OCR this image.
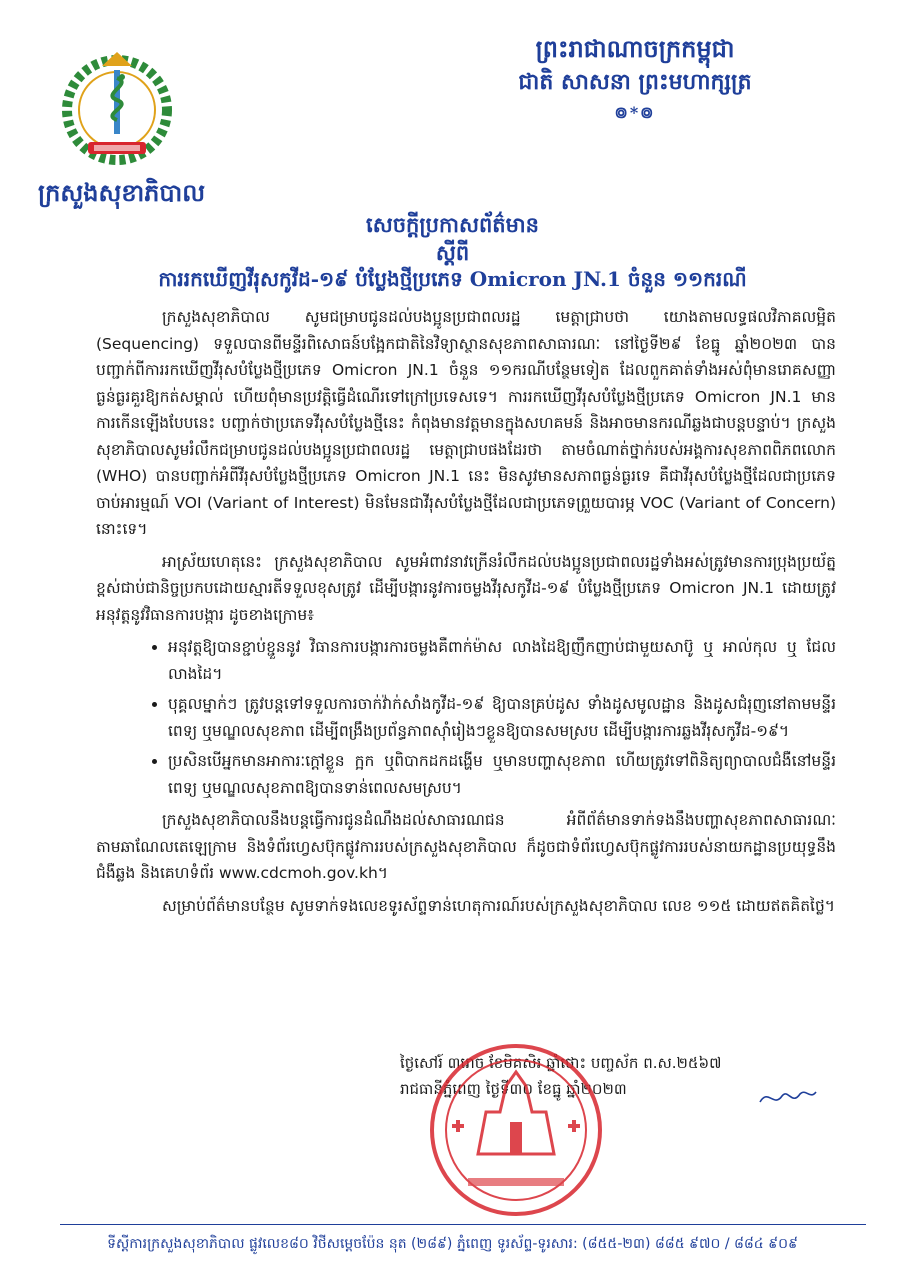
ព្រះរាជាណាចក្រកម្ពុជា
ជាតិ សាសនា ព្រះមហាក្សត្រ
៙*៙
ក្រសួងសុខាភិបាល
សេចក្តីប្រកាសព័ត៌មាន
ស្តីពី
ការរកឃើញវីរុសកូវីដ-១៩ បំប្លែងថ្មីប្រភេទ Omicron JN.1 ចំនួន ១១ករណី

ក្រសួងសុខាភិបាល សូមជម្រាបជូនដល់បងប្អូនប្រជាពលរដ្ឋ មេត្តាជ្រាបថា យោងតាមលទ្ធផលវិភាគលម្អិត (Sequencing) ទទួលបានពីមន្ទីរពិសោធន៍បង្អែកជាតិនៃវិទ្យាស្ថានសុខភាពសាធារណៈ នៅថ្ងៃទី២៩ ខែធ្នូ ឆ្នាំ២០២៣ បានបញ្ជាក់ពីការរកឃើញវីរុសបំប្លែងថ្មីប្រភេទ Omicron JN.1 ចំនួន ១១ករណីបន្ថែមទៀត ដែលពួកគាត់ទាំងអស់ពុំមានរោគសញ្ញាធ្ងន់ធ្ងរគួរឱ្យកត់សម្គាល់ ហើយពុំមានប្រវត្តិធ្វើដំណើរទៅក្រៅប្រទេសទេ។ ការរកឃើញវីរុសបំប្លែងថ្មីប្រភេទ Omicron JN.1 មានការកើនឡើងបែបនេះ បញ្ជាក់ថាប្រភេទវីរុសបំប្លែងថ្មីនេះ កំពុងមានវត្តមានក្នុងសហគមន៍ និងអាចមានករណីឆ្លងជាបន្តបន្ទាប់។ ក្រសួងសុខាភិបាលសូមរំលឹកជម្រាបជូនដល់បងប្អូនប្រជាពលរដ្ឋ មេត្តាជ្រាបផងដែរថា តាមចំណាត់ថ្នាក់របស់អង្គការសុខភាពពិភពលោក (WHO) បានបញ្ជាក់អំពីវីរុសបំប្លែងថ្មីប្រភេទ Omicron JN.1 នេះ មិនសូវមានសភាពធ្ងន់ធ្ងរទេ គឺជាវីរុសបំប្លែងថ្មីដែលជាប្រភេទចាប់អារម្មណ៍ VOI (Variant of Interest) មិនមែនជាវីរុសបំប្លែងថ្មីដែលជាប្រភេទព្រួយបារម្ភ VOC (Variant of Concern) នោះទេ។

អាស្រ័យហេតុនេះ ក្រសួងសុខាភិបាល សូមអំពាវនាវក្រើនរំលឹកដល់បងប្អូនប្រជាពលរដ្ឋទាំងអស់ត្រូវមានការប្រុងប្រយ័ត្នខ្ពស់ជាប់ជានិច្ចប្រកបដោយស្មារតីទទួលខុសត្រូវ ដើម្បីបង្ការនូវការចម្លងវីរុសកូវីដ-១៩ បំប្លែងថ្មីប្រភេទ Omicron JN.1 ដោយត្រូវអនុវត្តនូវវិធានការបង្ការ ដូចខាងក្រោម៖

• អនុវត្តឱ្យបានខ្ជាប់ខ្ជួននូវ វិធានការបង្ការការចម្លងគឺពាក់ម៉ាស លាងដៃឱ្យញឹកញាប់ជាមួយសាប៊ូ ឬ អាល់កុល ឬ ជែលលាងដៃ។
• បុគ្គលម្នាក់ៗ ត្រូវបន្តទៅទទួលការចាក់វ៉ាក់សាំងកូវីដ-១៩ ឱ្យបានគ្រប់ដូស ទាំងដូសមូលដ្ឋាន និងដូសជំរុញនៅតាមមន្ទីរពេទ្យ ឬមណ្ឌលសុខភាព ដើម្បីពង្រឹងប្រព័ន្ធភាពស៊ាំរៀងៗខ្លួនឱ្យបានសមស្រប ដើម្បីបង្ការការឆ្លងវីរុសកូវីដ-១៩។
• ប្រសិនបើអ្នកមានអាការៈក្តៅខ្លួន ក្អក ឬពិបាកដកដង្ហើម ឬមានបញ្ហាសុខភាព ហើយត្រូវទៅពិនិត្យព្យាបាលជំងឺនៅមន្ទីរពេទ្យ ឬមណ្ឌលសុខភាពឱ្យបានទាន់ពេលសមស្រប។

ក្រសួងសុខាភិបាលនឹងបន្តធ្វើការជូនដំណឹងដល់សាធារណជន អំពីព័ត៌មានទាក់ទងនឹងបញ្ហាសុខភាពសាធារណៈ តាមឆាណែលតេឡេក្រាម និងទំព័រហ្វេសប៊ុកផ្លូវការរបស់ក្រសួងសុខាភិបាល ក៏ដូចជាទំព័រហ្វេសប៊ុកផ្លូវការរបស់នាយកដ្ឋានប្រយុទ្ធនឹងជំងឺឆ្លង និងគេហទំព័រ www.cdcmoh.gov.kh។

សម្រាប់ព័ត៌មានបន្ថែម សូមទាក់ទងលេខទូរស័ព្ទទាន់ហេតុការណ៍របស់ក្រសួងសុខាភិបាល លេខ ១១៥ ដោយឥតគិតថ្លៃ។

ថ្ងៃសៅរ៍ ៣រោច ខែមិគសិរ ឆ្នាំថោះ បញ្ចស័ក ព.ស.២៥៦៧
រាជធានីភ្នំពេញ ថ្ងៃទី៣០ ខែធ្នូ ឆ្នាំ២០២៣
ទីស្តីការក្រសួងសុខាភិបាល ផ្លូវលេខ៨០ វិថីសម្តេចប៉ែន នុត (២៨៩) ភ្នំពេញ ទូរស័ព្ទ-ទូរសារ: (៨៥៥-២៣) ៨៨៥ ៩៧០ / ៨៨៤ ៩០៩
